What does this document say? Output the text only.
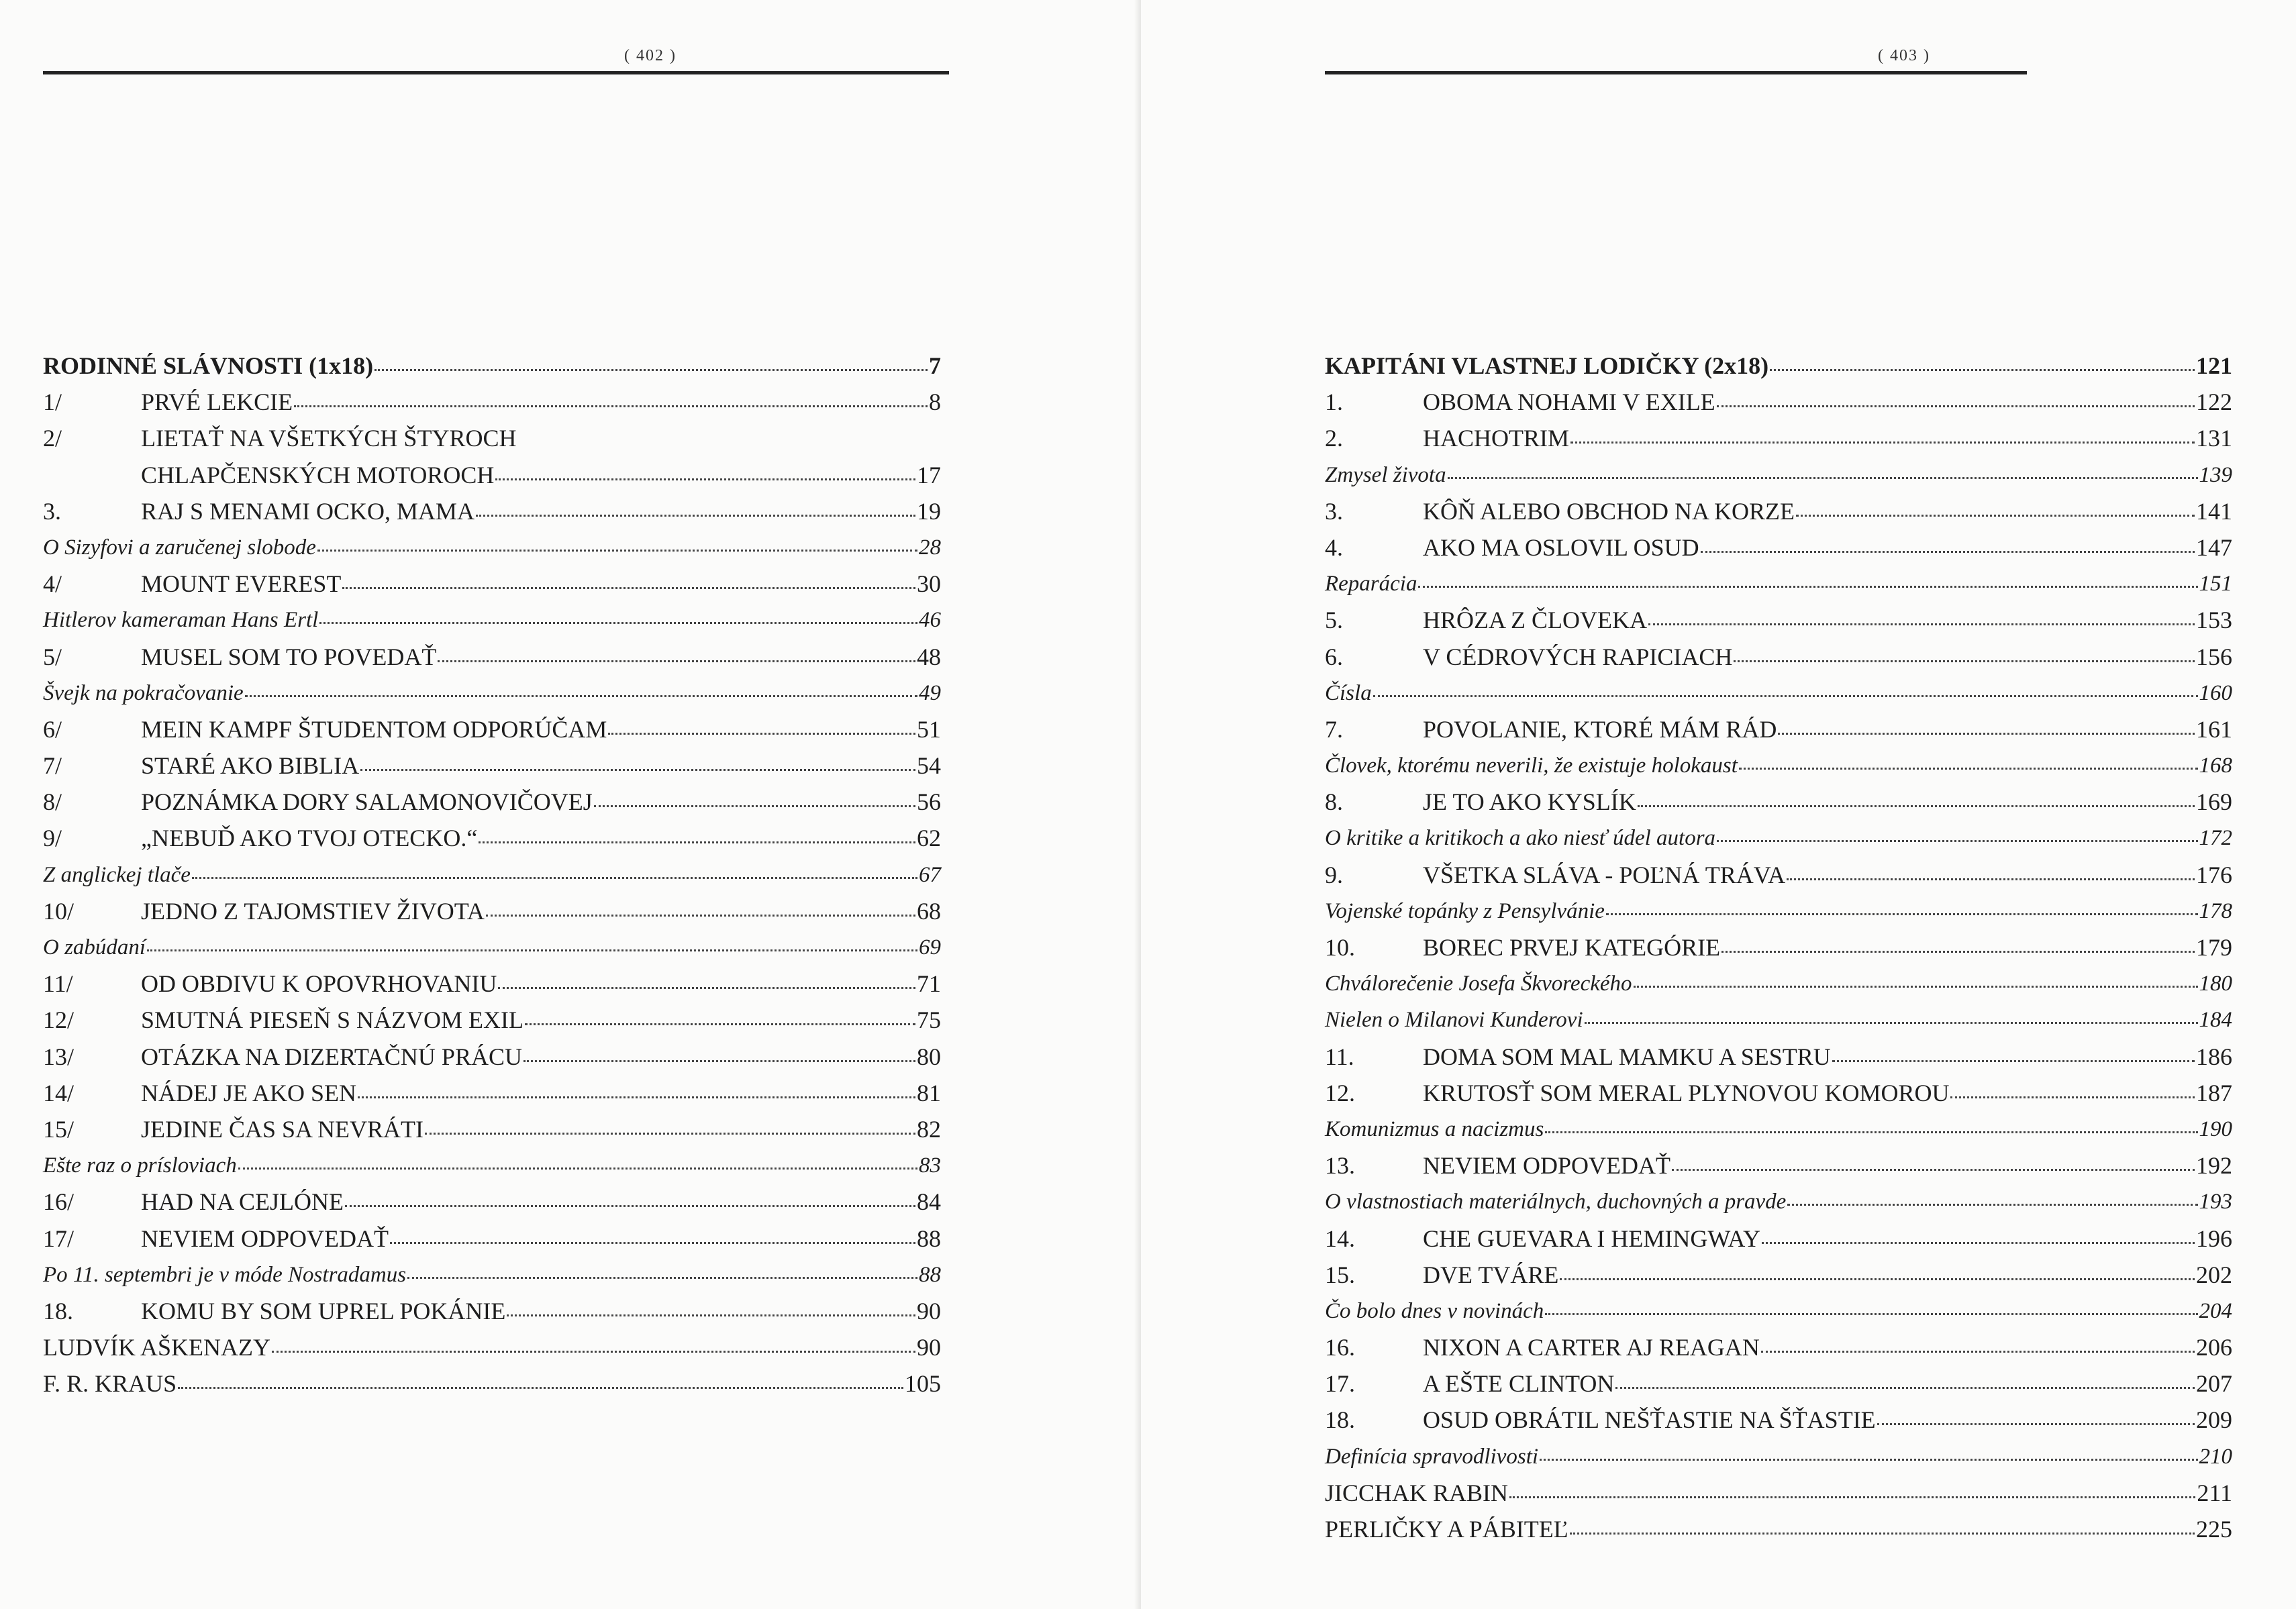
( 402 )
RODINNÉ SLÁVNOSTI (1x18)	7
1/	PRVÉ LEKCIE	8
2/	LIETAŤ NA VŠETKÝCH ŠTYROCH
CHLAPČENSKÝCH MOTOROCH	17
3.	RAJ S MENAMI OCKO, MAMA	19
O Sizyfovi a zaručenej slobode	28
4/	MOUNT EVEREST	30
Hitlerov kameraman Hans Ertl	46
5/	MUSEL SOM TO POVEDAŤ	48
Švejk na pokračovanie	49
6/	MEIN KAMPF ŠTUDENTOM ODPORÚČAM	51
7/	STARÉ AKO BIBLIA	54
8/	POZNÁMKA DORY SALAMONOVIČOVEJ	56
9/	„NEBUĎ AKO TVOJ OTECKO.“	62
Z anglickej tlače	67
10/	JEDNO Z TAJOMSTIEV ŽIVOTA	68
O zabúdaní	69
11/	OD OBDIVU K OPOVRHOVANIU	71
12/	SMUTNÁ PIESEŇ S NÁZVOM EXIL	75
13/	OTÁZKA NA DIZERTAČNÚ PRÁCU	80
14/	NÁDEJ JE AKO SEN	81
15/	JEDINE ČAS SA NEVRÁTI	82
Ešte raz o prísloviach	83
16/	HAD NA CEJLÓNE	84
17/	NEVIEM ODPOVEDAŤ	88
Po 11. septembri je v móde Nostradamus	88
18.	KOMU BY SOM UPREL POKÁNIE	90
LUDVÍK AŠKENAZY	90
F. R. KRAUS	105
( 403 )
KAPITÁNI VLASTNEJ LODIČKY (2x18)	121
1.	OBOMA NOHAMI V EXILE	122
2.	HACHOTRIM	131
Zmysel života	139
3.	KÔŇ ALEBO OBCHOD NA KORZE	141
4.	AKO MA OSLOVIL OSUD	147
Reparácia	151
5.	HRÔZA Z ČLOVEKA	153
6.	V CÉDROVÝCH RAPICIACH	156
Čísla	160
7.	POVOLANIE, KTORÉ MÁM RÁD	161
Človek, ktorému neverili, že existuje holokaust	168
8.	JE TO AKO KYSLÍK	169
O kritike a kritikoch a ako niesť údel autora	172
9.	VŠETKA SLÁVA - POĽNÁ TRÁVA	176
Vojenské topánky z Pensylvánie	178
10.	BOREC PRVEJ KATEGÓRIE	179
Chválorečenie Josefa Škvoreckého	180
Nielen o Milanovi Kunderovi	184
11.	DOMA SOM MAL MAMKU A SESTRU	186
12.	KRUTOSŤ SOM MERAL PLYNOVOU KOMOROU	187
Komunizmus a nacizmus	190
13.	NEVIEM ODPOVEDAŤ	192
O vlastnostiach materiálnych, duchovných a pravde	193
14.	CHE GUEVARA I HEMINGWAY	196
15.	DVE TVÁRE	202
Čo bolo dnes v novinách	204
16.	NIXON A CARTER AJ REAGAN	206
17.	A EŠTE CLINTON	207
18.	OSUD OBRÁTIL NEŠŤASTIE NA ŠŤASTIE	209
Definícia spravodlivosti	210
JICCHAK RABIN	211
PERLIČKY A PÁBITEĽ	225
